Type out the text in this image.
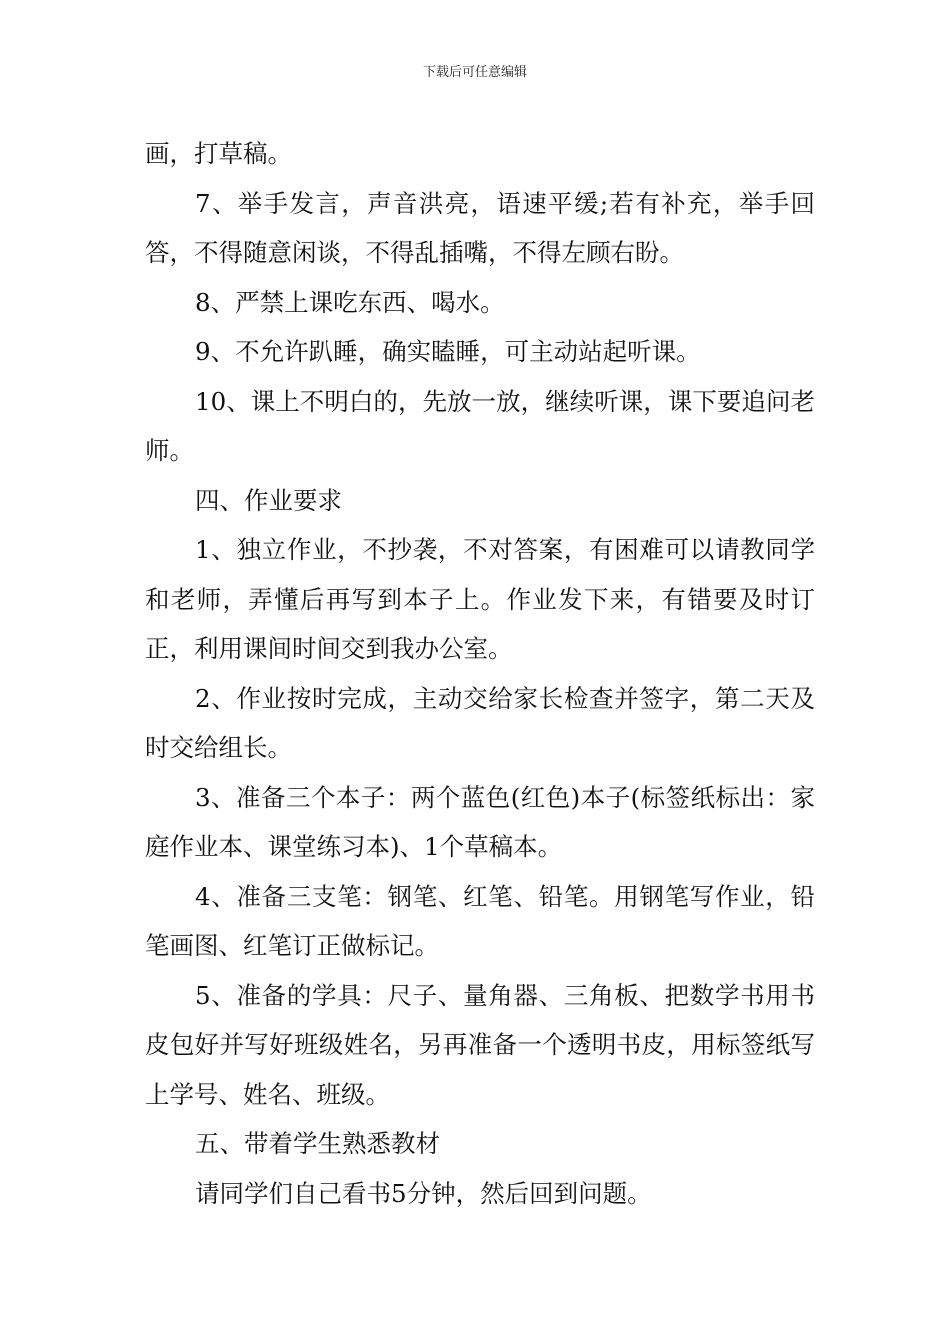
下载后可任意编辑

画，打草稿。

7、举手发言，声音洪亮，语速平缓;若有补充，举手回答，不得随意闲谈，不得乱插嘴，不得左顾右盼。

8、严禁上课吃东西、喝水。

9、不允许趴睡，确实瞌睡，可主动站起听课。

10、课上不明白的，先放一放，继续听课，课下要追问老师。

四、作业要求

1、独立作业，不抄袭，不对答案，有困难可以请教同学和老师，弄懂后再写到本子上。作业发下来，有错要及时订正，利用课间时间交到我办公室。

2、作业按时完成，主动交给家长检查并签字，第二天及时交给组长。

3、准备三个本子：两个蓝色(红色)本子(标签纸标出：家庭作业本、课堂练习本)、1个草稿本。

4、准备三支笔：钢笔、红笔、铅笔。用钢笔写作业，铅笔画图、红笔订正做标记。

5、准备的学具：尺子、量角器、三角板、把数学书用书皮包好并写好班级姓名，另再准备一个透明书皮，用标签纸写上学号、姓名、班级。

五、带着学生熟悉教材

请同学们自己看书5分钟，然后回到问题。
